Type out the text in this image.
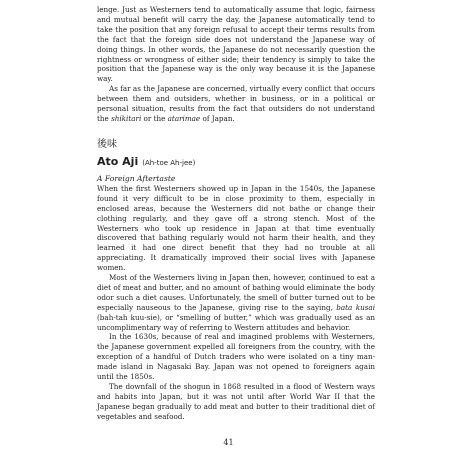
lenge. Just as Westerners tend to automatically assume that logic, fairness and mutual benefit will carry the day, the Japanese automatically tend to take the position that any foreign refusal to accept their terms results from the fact that the foreign side does not understand the Japanese way of doing things. In other words, the Japanese do not necessarily question the rightness or wrongness of either side; their tendency is simply to take the position that the Japanese way is the only way because it is the Japanese way.

As far as the Japanese are concerned, virtually every conflict that occurs between them and outsiders, whether in business, or in a political or personal situation, results from the fact that outsiders do not understand the shikitari or the atarimae of Japan.

後味
Ato Aji (Ah-toe Ah-jee)
A Foreign Aftertaste

When the first Westerners showed up in Japan in the 1540s, the Japanese found it very difficult to be in close proximity to them, especially in enclosed areas, because the Westerners did not bathe or change their clothing regularly, and they gave off a strong stench. Most of the Westerners who took up residence in Japan at that time eventually discovered that bathing regularly would not harm their health, and they learned it had one direct benefit that they had no trouble at all appreciating. It dramatically improved their social lives with Japanese women.

Most of the Westerners living in Japan then, however, continued to eat a diet of meat and butter, and no amount of bathing would eliminate the body odor such a diet causes. Unfortunately, the smell of butter turned out to be especially nauseous to the Japanese, giving rise to the saying, bata kusai (bah-tah kuu-sie), or “smelling of butter,” which was gradually used as an uncomplimentary way of referring to Western attitudes and behavior.

In the 1630s, because of real and imagined problems with Westerners, the Japanese government expelled all foreigners from the country, with the exception of a handful of Dutch traders who were isolated on a tiny man-made island in Nagasaki Bay. Japan was not opened to foreigners again until the 1850s.

The downfall of the shogun in 1868 resulted in a flood of Western ways and habits into Japan, but it was not until after World War II that the Japanese began gradually to add meat and butter to their traditional diet of vegetables and seafood.

41
